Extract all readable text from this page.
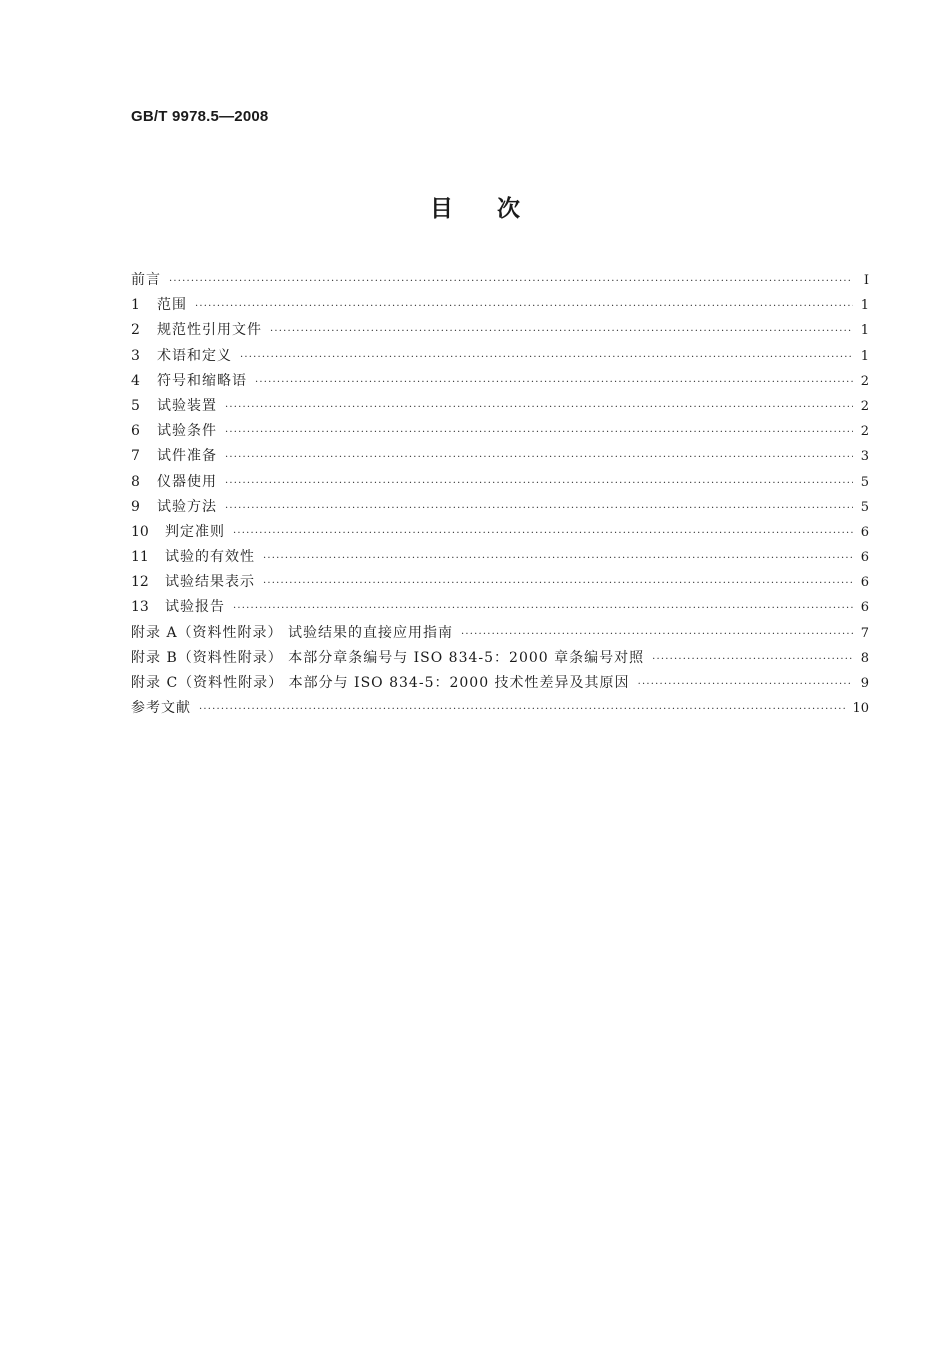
GB/T 9978.5—2008
目次
前言 ·····	I
1	范围 ·····	1
2	规范性引用文件 ·····	1
3	术语和定义 ·····	1
4	符号和缩略语 ·····	2
5	试验装置 ·····	2
6	试验条件 ·····	2
7	试件准备 ·····	3
8	仪器使用 ·····	5
9	试验方法 ·····	5
10	判定准则 ·····	6
11	试验的有效性 ·····	6
12	试验结果表示 ·····	6
13	试验报告 ·····	6
附录 A（资料性附录） 试验结果的直接应用指南 ·····	7
附录 B（资料性附录） 本部分章条编号与 ISO 834-5：2000 章条编号对照 ·····	8
附录 C（资料性附录） 本部分与 ISO 834-5：2000 技术性差异及其原因 ·····	9
参考文献 ·····	10
